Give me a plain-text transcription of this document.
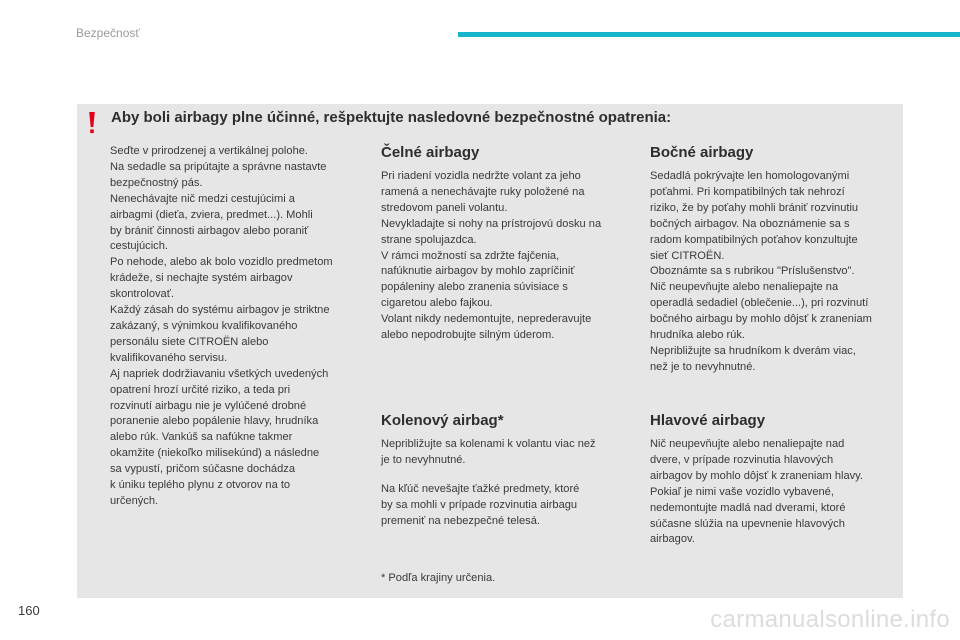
Bezpečnosť
Aby boli airbagy plne účinné, rešpektujte nasledovné bezpečnostné opatrenia:

Seďte v prirodzenej a vertikálnej polohe.
Na sedadle sa pripútajte a správne nastavte
bezpečnostný pás.
Nenechávajte nič medzi cestujúcimi a
airbagmi (dieťa, zviera, predmet...). Mohli
by brániť činnosti airbagov alebo poraniť
cestujúcich.
Po nehode, alebo ak bolo vozidlo predmetom
krádeže, si nechajte systém airbagov
skontrolovať.
Každý zásah do systému airbagov je striktne
zakázaný, s výnimkou kvalifikovaného
personálu siete CITROËN alebo
kvalifikovaného servisu.
Aj napriek dodržiavaniu všetkých uvedených
opatrení hrozí určité riziko, a teda pri
rozvinutí airbagu nie je vylúčené drobné
poranenie alebo popálenie hlavy, hrudníka
alebo rúk. Vankúš sa nafúkne takmer
okamžite (niekoľko milisekúnd) a následne
sa vypustí, pričom súčasne dochádza
k úniku teplého plynu z otvorov na to
určených.

Čelné airbagy

Pri riadení vozidla nedržte volant za jeho
ramená a nenechávajte ruky položené na
stredovom paneli volantu.
Nevykladajte si nohy na prístrojovú dosku na
strane spolujazdca.
V rámci možností sa zdržte fajčenia,
nafúknutie airbagov by mohlo zapríčiniť
popáleniny alebo zranenia súvisiace s
cigaretou alebo fajkou.
Volant nikdy nedemontujte, neprederavujte
alebo nepodrobujte silným úderom.

Bočné airbagy

Sedadlá pokrývajte len homologovanými
poťahmi. Pri kompatibilných tak nehrozí
riziko, že by poťahy mohli brániť rozvinutiu
bočných airbagov. Na oboznámenie sa s
radom kompatibilných poťahov konzultujte
sieť CITROËN.
Oboznámte sa s rubrikou "Príslušenstvo".
Nič neupevňujte alebo nenaliepajte na
operadlá sedadiel (oblečenie...), pri rozvinutí
bočného airbagu by mohlo dôjsť k zraneniam
hrudníka alebo rúk.
Nepribližujte sa hrudníkom k dverám viac,
než je to nevyhnutné.

Kolenový airbag*

Nepribližujte sa kolenami k volantu viac než
je to nevyhnutné.

Na kľúč nevešajte ťažké predmety, ktoré
by sa mohli v prípade rozvinutia airbagu
premeniť na nebezpečné telesá.

Hlavové airbagy

Nič neupevňujte alebo nenaliepajte nad
dvere, v prípade rozvinutia hlavových
airbagov by mohlo dôjsť k zraneniam hlavy.
Pokiaľ je nimi vaše vozidlo vybavené,
nedemontujte madlá nad dverami, ktoré
súčasne slúžia na upevnenie hlavových
airbagov.

* Podľa krajiny určenia.
160	carmanualsonline.info
